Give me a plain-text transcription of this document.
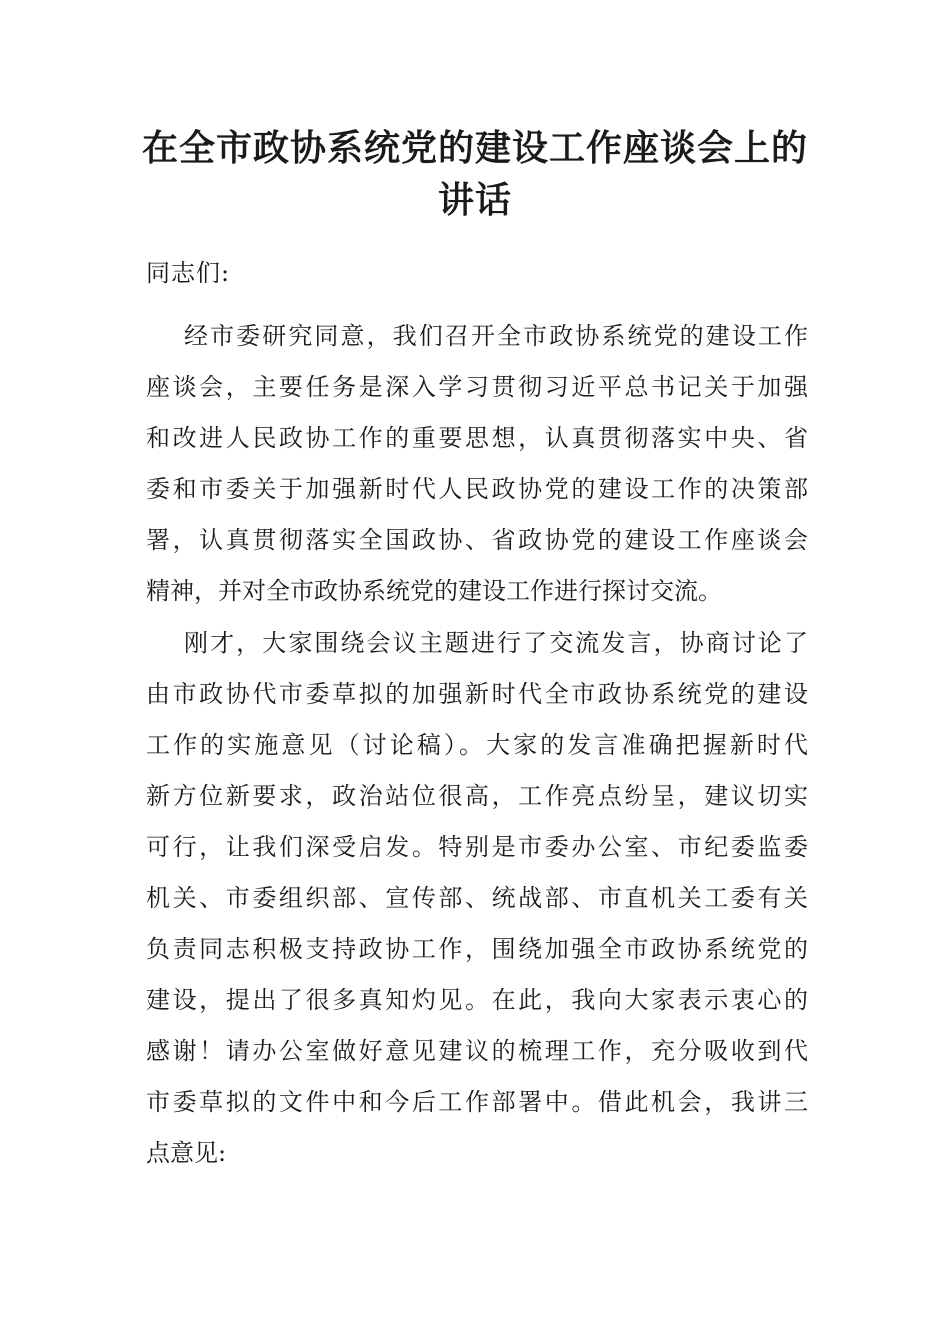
在全市政协系统党的建设工作座谈会上的
讲话

同志们:

经市委研究同意，我们召开全市政协系统党的建设工作
座谈会，主要任务是深入学习贯彻习近平总书记关于加强
和改进人民政协工作的重要思想，认真贯彻落实中央、省
委和市委关于加强新时代人民政协党的建设工作的决策部
署，认真贯彻落实全国政协、省政协党的建设工作座谈会
精神，并对全市政协系统党的建设工作进行探讨交流。
刚才，大家围绕会议主题进行了交流发言，协商讨论了
由市政协代市委草拟的加强新时代全市政协系统党的建设
工作的实施意见（讨论稿）。大家的发言准确把握新时代
新方位新要求，政治站位很高，工作亮点纷呈，建议切实
可行，让我们深受启发。特别是市委办公室、市纪委监委
机关、市委组织部、宣传部、统战部、市直机关工委有关
负责同志积极支持政协工作，围绕加强全市政协系统党的
建设，提出了很多真知灼见。在此，我向大家表示衷心的
感谢！请办公室做好意见建议的梳理工作，充分吸收到代
市委草拟的文件中和今后工作部署中。借此机会，我讲三
点意见:
